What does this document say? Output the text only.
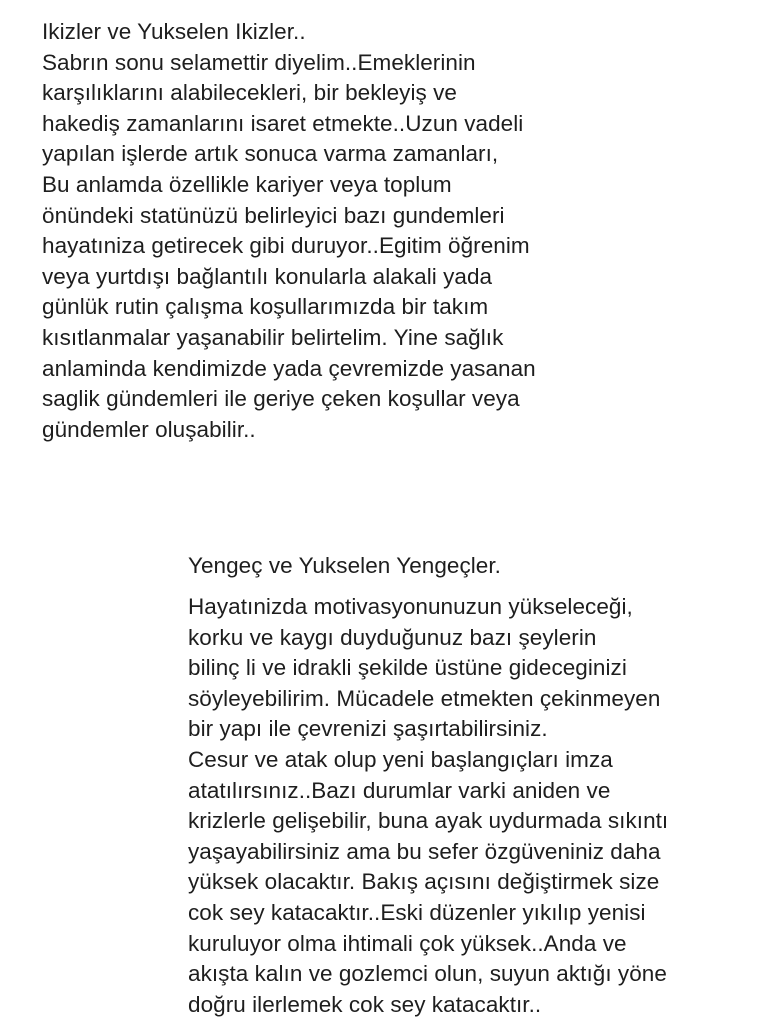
Ikizler ve Yukselen Ikizler..
Sabrın sonu selamettir diyelim..Emeklerinin
karşılıklarını alabilecekleri, bir bekleyiş ve
hakediş zamanlarını isaret etmekte..Uzun vadeli
yapılan işlerde artık sonuca varma zamanları,
Bu anlamda özellikle kariyer veya toplum
önündeki statünüzü belirleyici bazı gundemleri
hayatıniza getirecek gibi duruyor..Egitim öğrenim
veya yurtdışı bağlantılı konularla alakali yada
günlük rutin çalışma koşullarımızda bir takım
kısıtlanmalar yaşanabilir belirtelim. Yine sağlık
anlaminda kendimizde yada çevremizde yasanan
saglik gündemleri ile geriye çeken koşullar veya
gündemler oluşabilir..
Yengeç ve Yukselen Yengeçler.
Hayatınizda motivasyonunuzun yükseleceği,
korku ve kaygı duyduğunuz bazı şeylerin
bilinç li ve idrakli şekilde üstüne gideceginizi
söyleyebilirim. Mücadele etmekten çekinmeyen
bir yapı ile çevrenizi şaşırtabilirsiniz.
Cesur ve atak olup yeni başlangıçları imza
atatılırsınız..Bazı durumlar varki aniden ve
krizlerle gelişebilir, buna ayak uydurmada sıkıntı
yaşayabilirsiniz ama bu sefer özgüveniniz daha
yüksek olacaktır. Bakış açısını değiştirmek size
cok sey katacaktır..Eski düzenler yıkılıp yenisi
kuruluyor olma ihtimali çok yüksek..Anda ve
akışta kalın ve gozlemci olun, suyun aktığı yöne
doğru ilerlemek cok sey katacaktır..
